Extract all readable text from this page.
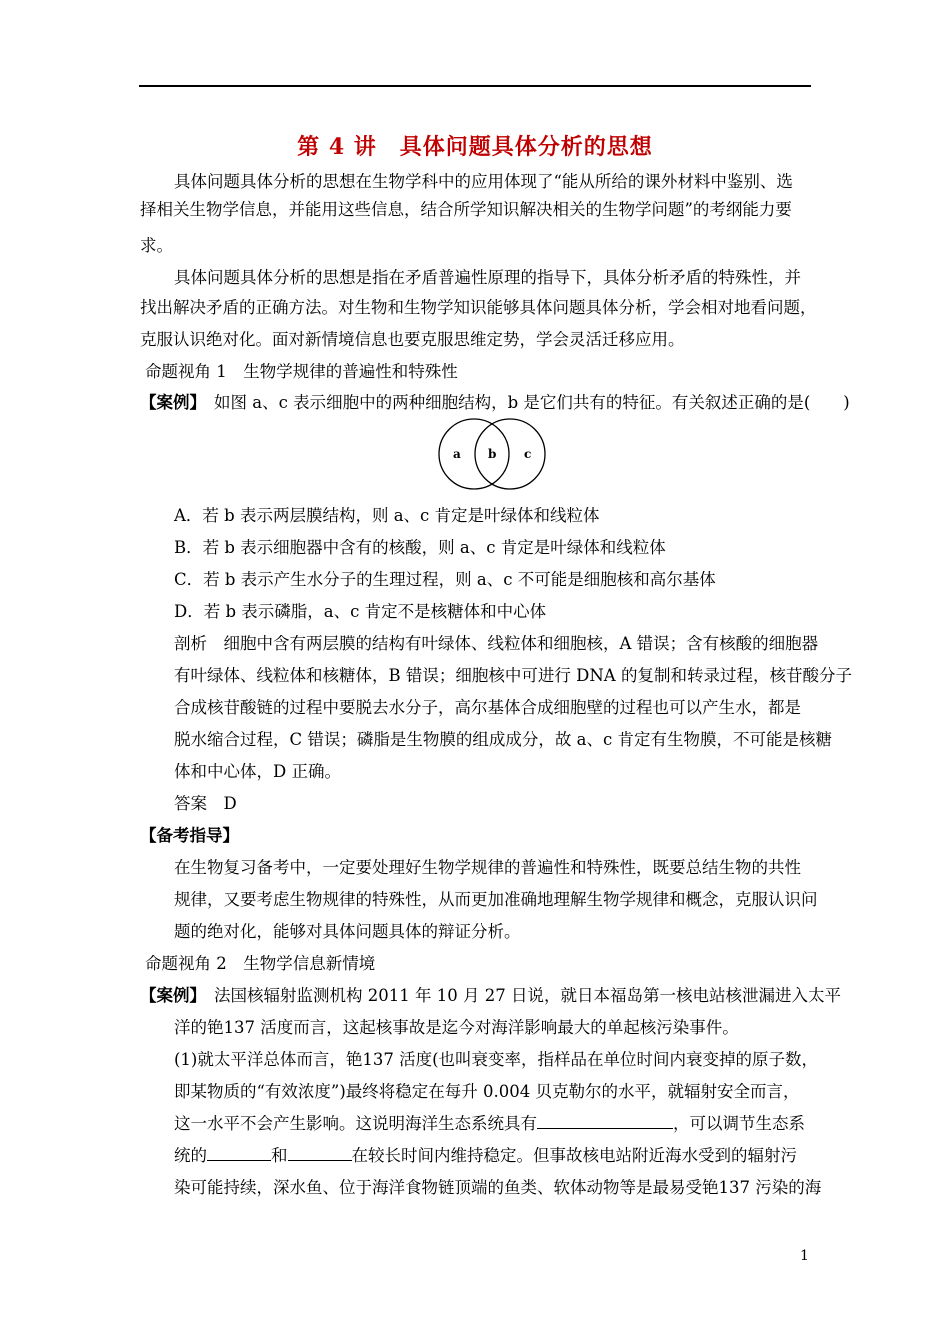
第 4 讲　具体问题具体分析的思想
具体问题具体分析的思想在生物学科中的应用体现了“能从所给的课外材料中鉴别、选
择相关生物学信息，并能用这些信息，结合所学知识解决相关的生物学问题”的考纲能力要
求。
具体问题具体分析的思想是指在矛盾普遍性原理的指导下，具体分析矛盾的特殊性，并
找出解决矛盾的正确方法。对生物和生物学知识能够具体问题具体分析，学会相对地看问题，
克服认识绝对化。面对新情境信息也要克服思维定势，学会灵活迁移应用。
命题视角 1　生物学规律的普遍性和特殊性
【案例】 如图 a、c 表示细胞中的两种细胞结构，b 是它们共有的特征。有关叙述正确的是(　　)
a b c
A．若 b 表示两层膜结构，则 a、c 肯定是叶绿体和线粒体
B．若 b 表示细胞器中含有的核酸，则 a、c 肯定是叶绿体和线粒体
C．若 b 表示产生水分子的生理过程，则 a、c 不可能是细胞核和高尔基体
D．若 b 表示磷脂，a、c 肯定不是核糖体和中心体
剖析　细胞中含有两层膜的结构有叶绿体、线粒体和细胞核，A 错误；含有核酸的细胞器
有叶绿体、线粒体和核糖体，B 错误；细胞核中可进行 DNA 的复制和转录过程，核苷酸分子
合成核苷酸链的过程中要脱去水分子，高尔基体合成细胞壁的过程也可以产生水，都是
脱水缩合过程，C 错误；磷脂是生物膜的组成成分，故 a、c 肯定有生物膜，不可能是核糖
体和中心体，D 正确。
答案　D
【备考指导】
在生物复习备考中，一定要处理好生物学规律的普遍性和特殊性，既要总结生物的共性
规律，又要考虑生物规律的特殊性，从而更加准确地理解生物学规律和概念，克服认识问
题的绝对化，能够对具体问题具体的辩证分析。
命题视角 2　生物学信息新情境
【案例】 法国核辐射监测机构 2011 年 10 月 27 日说，就日本福岛第一核电站核泄漏进入太平
洋的铯137 活度而言，这起核事故是迄今对海洋影响最大的单起核污染事件。
(1)就太平洋总体而言，铯137 活度(也叫衰变率，指样品在单位时间内衰变掉的原子数，
即某物质的“有效浓度”)最终将稳定在每升 0.004 贝克勒尔的水平，就辐射安全而言，
这一水平不会产生影响。这说明海洋生态系统具有	，可以调节生态系
统的	和	在较长时间内维持稳定。但事故核电站附近海水受到的辐射污
染可能持续，深水鱼、位于海洋食物链顶端的鱼类、软体动物等是最易受铯137 污染的海
1
